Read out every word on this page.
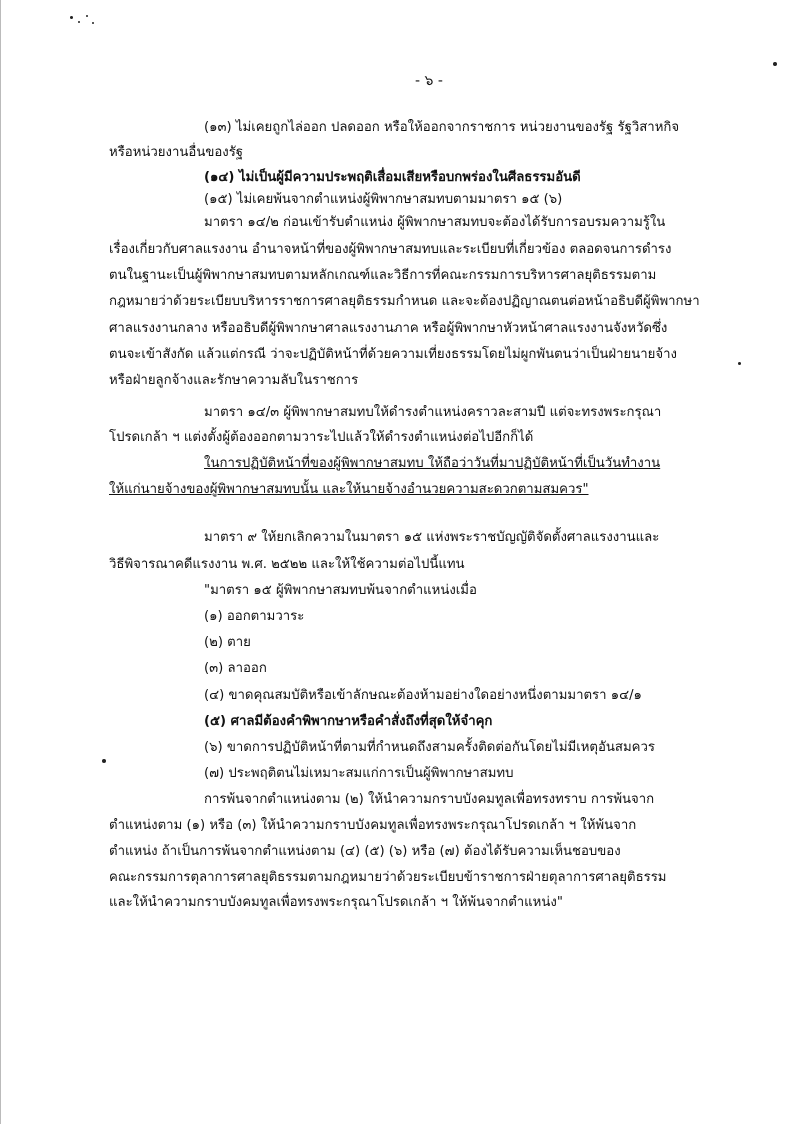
- ๖ -
(๑๓) ไม่เคยถูกไล่ออก ปลดออก หรือให้ออกจากราชการ หน่วยงานของรัฐ รัฐวิสาหกิจ
หรือหน่วยงานอื่นของรัฐ
(๑๔) ไม่เป็นผู้มีความประพฤติเสื่อมเสียหรือบกพร่องในศีลธรรมอันดี
(๑๕) ไม่เคยพ้นจากตำแหน่งผู้พิพากษาสมทบตามมาตรา ๑๕ (๖)
มาตรา ๑๔/๒ ก่อนเข้ารับตำแหน่ง ผู้พิพากษาสมทบจะต้องได้รับการอบรมความรู้ใน
เรื่องเกี่ยวกับศาลแรงงาน อำนาจหน้าที่ของผู้พิพากษาสมทบและระเบียบที่เกี่ยวข้อง ตลอดจนการดำรง
ตนในฐานะเป็นผู้พิพากษาสมทบตามหลักเกณฑ์และวิธีการที่คณะกรรมการบริหารศาลยุติธรรมตาม
กฎหมายว่าด้วยระเบียบบริหารราชการศาลยุติธรรมกำหนด และจะต้องปฏิญาณตนต่อหน้าอธิบดีผู้พิพากษา
ศาลแรงงานกลาง หรืออธิบดีผู้พิพากษาศาลแรงงานภาค หรือผู้พิพากษาหัวหน้าศาลแรงงานจังหวัดซึ่ง
ตนจะเข้าสังกัด แล้วแต่กรณี ว่าจะปฏิบัติหน้าที่ด้วยความเที่ยงธรรมโดยไม่ผูกพันตนว่าเป็นฝ่ายนายจ้าง
หรือฝ่ายลูกจ้างและรักษาความลับในราชการ
มาตรา ๑๔/๓ ผู้พิพากษาสมทบให้ดำรงตำแหน่งคราวละสามปี แต่จะทรงพระกรุณา
โปรดเกล้า ฯ แต่งตั้งผู้ต้องออกตามวาระไปแล้วให้ดำรงตำแหน่งต่อไปอีกก็ได้
ในการปฏิบัติหน้าที่ของผู้พิพากษาสมทบ ให้ถือว่าวันที่มาปฏิบัติหน้าที่เป็นวันทำงาน
ให้แก่นายจ้างของผู้พิพากษาสมทบนั้น และให้นายจ้างอำนวยความสะดวกตามสมควร"
มาตรา ๙ ให้ยกเลิกความในมาตรา ๑๕ แห่งพระราชบัญญัติจัดตั้งศาลแรงงานและ
วิธีพิจารณาคดีแรงงาน พ.ศ. ๒๕๒๒ และให้ใช้ความต่อไปนี้แทน
"มาตรา ๑๕ ผู้พิพากษาสมทบพ้นจากตำแหน่งเมื่อ
(๑) ออกตามวาระ
(๒) ตาย
(๓) ลาออก
(๔) ขาดคุณสมบัติหรือเข้าลักษณะต้องห้ามอย่างใดอย่างหนึ่งตามมาตรา ๑๔/๑
(๕) ศาลมีต้องคำพิพากษาหรือคำสั่งถึงที่สุดให้จำคุก
(๖) ขาดการปฏิบัติหน้าที่ตามที่กำหนดถึงสามครั้งติดต่อกันโดยไม่มีเหตุอันสมควร
(๗) ประพฤติตนไม่เหมาะสมแก่การเป็นผู้พิพากษาสมทบ
การพ้นจากตำแหน่งตาม (๒) ให้นำความกราบบังคมทูลเพื่อทรงทราบ การพ้นจาก
ตำแหน่งตาม (๑) หรือ (๓) ให้นำความกราบบังคมทูลเพื่อทรงพระกรุณาโปรดเกล้า ฯ ให้พ้นจาก
ตำแหน่ง ถ้าเป็นการพ้นจากตำแหน่งตาม (๔) (๕) (๖) หรือ (๗) ต้องได้รับความเห็นชอบของ
คณะกรรมการตุลาการศาลยุติธรรมตามกฎหมายว่าด้วยระเบียบข้าราชการฝ่ายตุลาการศาลยุติธรรม
และให้นำความกราบบังคมทูลเพื่อทรงพระกรุณาโปรดเกล้า ฯ ให้พ้นจากตำแหน่ง"
